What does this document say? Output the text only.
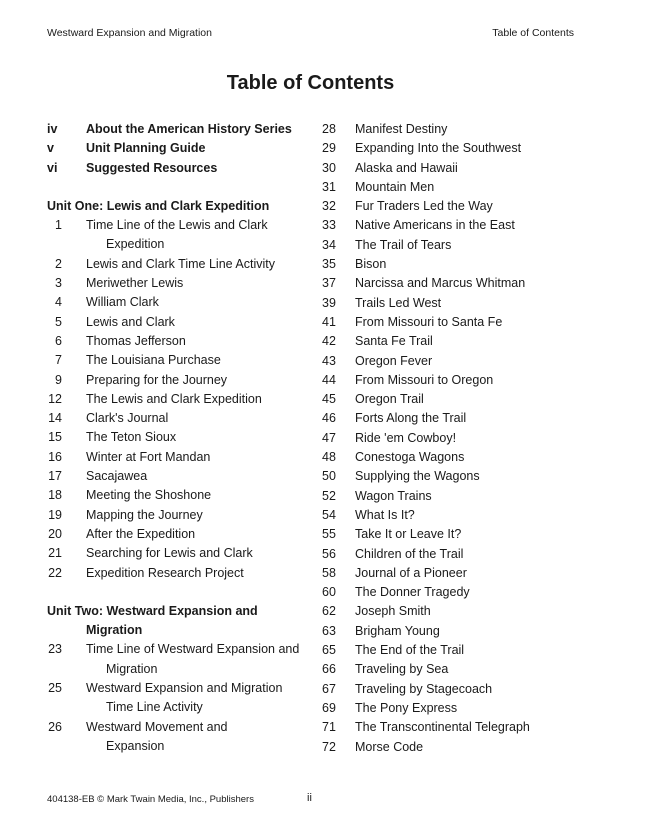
Westward Expansion and Migration	Table of Contents
Table of Contents
iv	About the American History Series
v	Unit Planning Guide
vi	Suggested Resources
Unit One: Lewis and Clark Expedition
1 Time Line of the Lewis and Clark
Expedition
2 Lewis and Clark Time Line Activity
3 Meriwether Lewis
4 William Clark
5 Lewis and Clark
6 Thomas Jefferson
7 The Louisiana Purchase
9 Preparing for the Journey
12 The Lewis and Clark Expedition
14 Clark's Journal
15 The Teton Sioux
16 Winter at Fort Mandan
17 Sacajawea
18 Meeting the Shoshone
19 Mapping the Journey
20 After the Expedition
21 Searching for Lewis and Clark
22 Expedition Research Project
Unit Two: Westward Expansion and
Migration
23 Time Line of Westward Expansion and
Migration
25 Westward Expansion and Migration
Time Line Activity
26 Westward Movement and
Expansion
28	Manifest Destiny
29	Expanding Into the Southwest
30	Alaska and Hawaii
31	Mountain Men
32	Fur Traders Led the Way
33	Native Americans in the East
34	The Trail of Tears
35	Bison
37	Narcissa and Marcus Whitman
39	Trails Led West
41	From Missouri to Santa Fe
42	Santa Fe Trail
43	Oregon Fever
44	From Missouri to Oregon
45	Oregon Trail
46	Forts Along the Trail
47	Ride 'em Cowboy!
48	Conestoga Wagons
50	Supplying the Wagons
52	Wagon Trains
54	What Is It?
55	Take It or Leave It?
56	Children of the Trail
58	Journal of a Pioneer
60	The Donner Tragedy
62	Joseph Smith
63	Brigham Young
65	The End of the Trail
66	Traveling by Sea
67	Traveling by Stagecoach
69	The Pony Express
71	The Transcontinental Telegraph
72	Morse Code
404138-EB © Mark Twain Media, Inc., Publishers	ii
